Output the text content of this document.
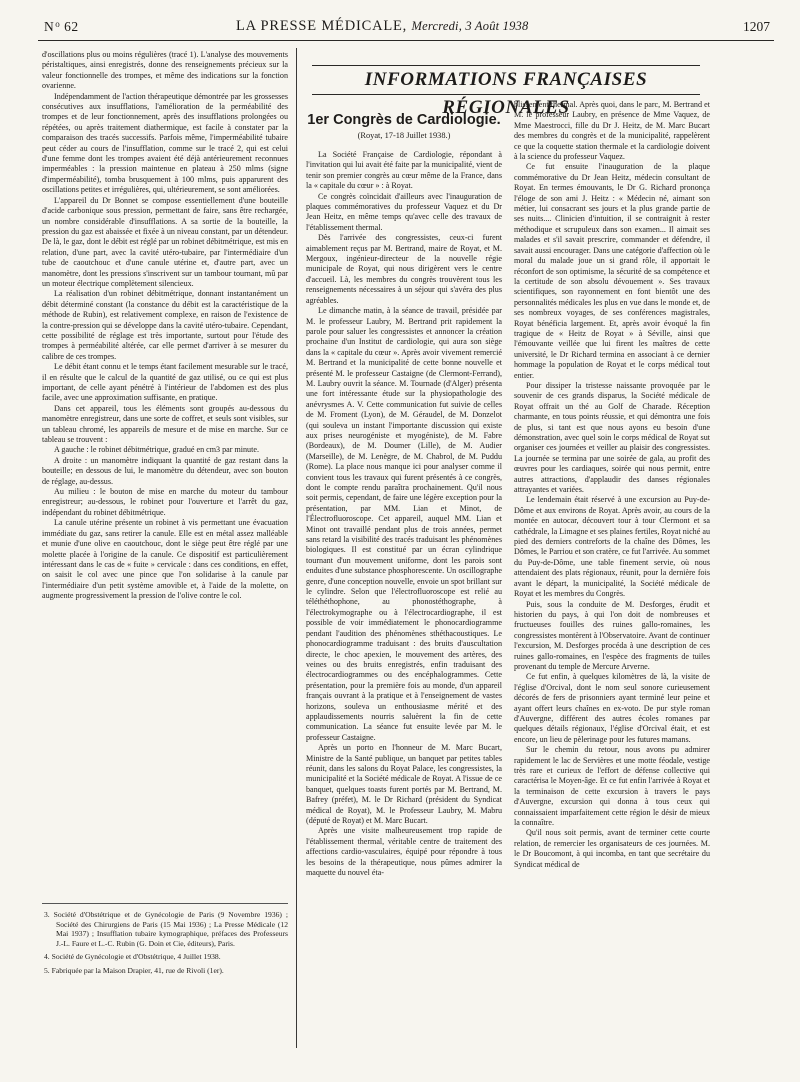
$N^o$ 62	LA PRESSE MÉDICALE, Mercredi, 3 Août 1938	1207

d'oscillations plus ou moins régulières (tracé 1). L'analyse des mouvements péristaltiques, ainsi enregistrés, donne des renseignements précieux sur la valeur fonctionnelle des trompes, et même des indications sur la fonction ovarienne.

Indépendamment de l'action thérapeutique démontrée par les grossesses consécutives aux insufflations, l'amélioration de la perméabilité des trompes et de leur fonctionnement, après des insufflations prolongées ou répétées, ou après traitement diathermique, est facile à constater par la comparaison des tracés successifs. Parfois même, l'imperméabilité tubaire peut céder au cours de l'insufflation, comme sur le tracé 2, qui est celui d'une femme dont les trompes avaient été déjà antérieurement reconnues imperméables : la pression maintenue en plateau à 250 mlms (signe d'imperméabilité), tomba brusquement à 100 mlms, puis apparurent des oscillations petites et irrégulières, qui, ultérieurement, se sont améliorées.

L'appareil du Dr Bonnet se compose essentiellement d'une bouteille d'acide carbonique sous pression, permettant de faire, sans être rechargée, un nombre considérable d'insufflations. A sa sortie de la bouteille, la pression du gaz est abaissée et fixée à un niveau constant, par un détendeur. De là, le gaz, dont le débit est réglé par un robinet débitmétrique, est mis en relation, d'une part, avec la cavité utéro-tubaire, par l'intermédiaire d'un tube de caoutchouc et d'une canule utérine et, d'autre part, avec un manomètre, dont les pressions s'inscrivent sur un tambour tournant, mû par un moteur électrique complètement silencieux.

La réalisation d'un robinet débitmétrique, donnant instantanément un débit déterminé constant (la constance du débit est la caractéristique de la méthode de Rubin), est relativement complexe, en raison de l'existence de la contre-pression qui se développe dans la cavité utéro-tubaire. Cependant, cette possibilité de réglage est très importante, surtout pour l'étude des trompes à perméabilité altérée, car elle permet d'arriver à se mesurer du calibre de ces trompes.

Le débit étant connu et le temps étant facilement mesurable sur le tracé, il en résulte que le calcul de la quantité de gaz utilisé, ou ce qui est plus important, de celle ayant pénétré à l'intérieur de l'abdomen est des plus facile, avec une approximation suffisante, en pratique.

Dans cet appareil, tous les éléments sont groupés au-dessous du manomètre enregistreur, dans une sorte de coffret, et seuls sont visibles, sur un tableau chromé, les appareils de mesure et de mise en marche. Sur ce tableau se trouvent :

A gauche : le robinet débitmétrique, gradué en cm3 par minute.

A droite : un manomètre indiquant la quantité de gaz restant dans la bouteille; en dessous de lui, le manomètre du détendeur, avec son bouton de réglage, au-dessus.

Au milieu : le bouton de mise en marche du moteur du tambour enregistreur; au-dessous, le robinet pour l'ouverture et l'arrêt du gaz, indépendant du robinet débitmétrique.

La canule utérine présente un robinet à vis permettant une évacuation immédiate du gaz, sans retirer la canule. Elle est en métal assez malléable et munie d'une olive en caoutchouc, dont le siège peut être réglé par une molette placée à l'origine de la canule. Ce dispositif est particulièrement intéressant dans le cas de « fuite » cervicale : dans ces conditions, en effet, on saisit le col avec une pince que l'on solidarise à la canule par l'intermédiaire d'un petit système amovible et, à l'aide de la molette, on augmente progressivement la pression de l'olive contre le col.

3. Société d'Obstétrique et de Gynécologie de Paris (9 Novembre 1936) ; Société des Chirurgiens de Paris (15 Mai 1936) ; La Presse Médicale (12 Mai 1937) ; Insufflation tubaire kymographique, préfaces des Professeurs J.-L. Faure et L.-C. Rubin (G. Doin et Cie, éditeurs), Paris.

4. Société de Gynécologie et d'Obstétrique, 4 Juillet 1938.

5. Fabriquée par la Maison Drapier, 41, rue de Rivoli (1er).

INFORMATIONS FRANÇAISES RÉGIONALES
1er Congrès de Cardiologie.
(Royat, 17-18 Juillet 1938.)

La Société Française de Cardiologie, répondant à l'invitation qui lui avait été faite par la municipalité, vient de tenir son premier congrès au cœur même de la France, dans la « capitale du cœur » : à Royat.

Ce congrès coïncidait d'ailleurs avec l'inauguration de plaques commémoratives du professeur Vaquez et du Dr Jean Heitz, en même temps qu'avec celle des travaux de l'établissement thermal.

Dès l'arrivée des congressistes, ceux-ci furent aimablement reçus par M. Bertrand, maire de Royat, et M. Mergoux, ingénieur-directeur de la nouvelle régie municipale de Royat, qui nous dirigèrent vers le centre d'accueil. Là, les membres du congrès trouvèrent tous les renseignements nécessaires à un séjour qui s'avéra des plus agréables.

Le dimanche matin, à la séance de travail, présidée par M. le professeur Laubry, M. Bertrand prit rapidement la parole pour saluer les congressistes et annoncer la création prochaine d'un Institut de cardiologie, qui aura son siège dans la « capitale du cœur ». Après avoir vivement remercié M. Bertrand et la municipalité de cette bonne nouvelle et présenté M. le professeur Castaigne (de Clermont-Ferrand), M. Laubry ouvrit la séance. M. Tournade (d'Alger) présenta une fort intéressante étude sur la physiopathologie des anévrysmes A. V. Cette communication fut suivie de celles de M. Froment (Lyon), de M. Géraudel, de M. Donzelot (qui souleva un instant l'importante discussion qui existe aux prises neurogéniste et myogéniste), de M. Fabre (Bordeaux), de M. Doumer (Lille), de M. Audier (Marseille), de M. Lenègre, de M. Chabrol, de M. Puddu (Rome). La place nous manque ici pour analyser comme il convient tous les travaux qui furent présentés à ce congrès, dont le compte rendu paraîtra prochainement. Qu'il nous soit permis, cependant, de faire une légère exception pour la présentation, par MM. Lian et Minot, de l'Électrofluoroscope. Cet appareil, auquel MM. Lian et Minot ont travaillé pendant plus de trois années, permet sans retard la visibilité des tracés traduisant les phénomènes biologiques. Il est constitué par un écran cylindrique tournant d'un mouvement uniforme, dont les parois sont enduites d'une substance phosphorescente. Un oscillographe genre, d'une conception nouvelle, envoie un spot brillant sur le cylindre. Selon que l'électrofluoroscope est relié au téléthéthophone, au phonostéthographe, à l'électrokymographe ou à l'électrocardiographe, il est possible de voir immédiatement le phonocardiogramme pendant l'audition des phénomènes sthéthacoustiques. Le phonocardiogramme traduisant : des bruits d'auscultation directe, le choc apexien, le mouvement des artères, des veines ou des bruits enregistrés, enfin traduisant des électrocardiogrammes ou des encéphalogrammes. Cette présentation, pour la première fois au monde, d'un appareil français ouvrant à la pratique et à l'enseignement de vastes horizons, souleva un enthousiasme mérité et des applaudissements nourris saluèrent la fin de cette communication. La séance fut ensuite levée par M. le professeur Castaigne.

Après un porto en l'honneur de M. Marc Bucart, Ministre de la Santé publique, un banquet par petites tables réunit, dans les salons du Royat Palace, les congressistes, la municipalité et la Société médicale de Royat. A l'issue de ce banquet, quelques toasts furent portés par M. Bertrand, M. Bafrey (préfet), M. le Dr Richard (président du Syndicat médical de Royat), M. le Professeur Laubry, M. Mabru (député de Royat) et M. Marc Bucart.

Après une visite malheureusement trop rapide de l'établissement thermal, véritable centre de traitement des affections cardio-vasculaires, équipé pour répondre à tous les besoins de la thérapeutique, nous pûmes admirer la maquette du nouvel éta-

blissement thermal. Après quoi, dans le parc, M. Bertrand et M. le professeur Laubry, en présence de Mme Vaquez, de Mme Maestrocci, fille du Dr J. Heitz, de M. Marc Bucart des membres du congrès et de la municipalité, rappelèrent ce que la coquette station thermale et la cardiologie doivent à la science du professeur Vaquez.

Ce fut ensuite l'inauguration de la plaque commémorative du Dr Jean Heitz, médecin consultant de Royat. En termes émouvants, le Dr G. Richard prononça l'éloge de son ami J. Heitz : « Médecin né, aimant son métier, lui consacrant ses jours et la plus grande partie de ses nuits.... Clinicien d'intuition, il se contraignit à rester méthodique et scrupuleux dans son examen... Il aimait ses malades et s'il savait prescrire, commander et défendre, il savait aussi encourager. Dans une catégorie d'affection où le moral du malade joue un si grand rôle, il apportait le réconfort de son optimisme, la sécurité de sa compétence et la certitude de son absolu dévouement ». Ses travaux scientifiques, son rayonnement en font bientôt une des personnalités médicales les plus en vue dans le monde et, de ses nombreux voyages, de ses conférences magistrales, Royat bénéficia largement. Et, après avoir évoqué la fin tragique de « Heitz de Royat » à Séville, ainsi que l'émouvante veillée que lui firent les maîtres de cette université, le Dr Richard termina en associant à ce dernier hommage la population de Royat et le corps médical tout entier.

Pour dissiper la tristesse naissante provoquée par le souvenir de ces grands disparus, la Société médicale de Royat offrait un thé au Golf de Charade. Réception charmante, en tous points réussie, et qui démontra une fois de plus, si tant est que nous ayons eu besoin d'une démonstration, avec quel soin le corps médical de Royat sut organiser ces journées et veiller au plaisir des congressistes. La journée se termina par une soirée de gala, au profit des œuvres pour les cardiaques, soirée qui nous permit, entre autres attractions, d'applaudir des danses régionales attrayantes et variées.

Le lendemain était réservé à une excursion au Puy-de-Dôme et aux environs de Royat. Après avoir, au cours de la montée en autocar, découvert tour à tour Clermont et sa cathédrale, la Limagne et ses plaines fertiles, Royat niché au pied des derniers contreforts de la chaîne des Dômes, les Dômes, le Parriou et son cratère, ce fut l'arrivée. Au sommet du Puy-de-Dôme, une table finement servie, où nous attendaient des plats régionaux, réunit, pour la dernière fois avant le départ, la municipalité, la Société médicale de Royat et les membres du Congrès.

Puis, sous la conduite de M. Desforges, érudit et historien du pays, à qui l'on doit de nombreuses et fructueuses fouilles des ruines gallo-romaines, les congressistes montèrent à l'Observatoire. Avant de continuer l'excursion, M. Desforges procéda à une description de ces ruines gallo-romaines, en l'espèce des fragments de tuiles provenant du temple de Mercure Arverne.

Ce fut enfin, à quelques kilomètres de là, la visite de l'église d'Orcival, dont le nom seul sonore curieusement décorés de fers de prisonniers ayant terminé leur peine et ayant offert leurs chaînes en ex-voto. De pur style roman d'Auvergne, différent des autres écoles romanes par quelques détails régionaux, l'église d'Orcival était, et est encore, un lieu de pèlerinage pour les futures mamans.

Sur le chemin du retour, nous avons pu admirer rapidement le lac de Servières et une motte féodale, vestige très rare et curieux de l'effort de défense collective qui caractérisa le Moyen-âge. Et ce fut enfin l'arrivée à Royat et la terminaison de cette excursion à travers le pays d'Auvergne, excursion qui donna à tous ceux qui connaissaient imparfaitement cette région le désir de mieux la connaître.

Qu'il nous soit permis, avant de terminer cette courte relation, de remercier les organisateurs de ces journées. M. le Dr Boucomont, à qui incomba, en tant que secrétaire du Syndicat médical de
